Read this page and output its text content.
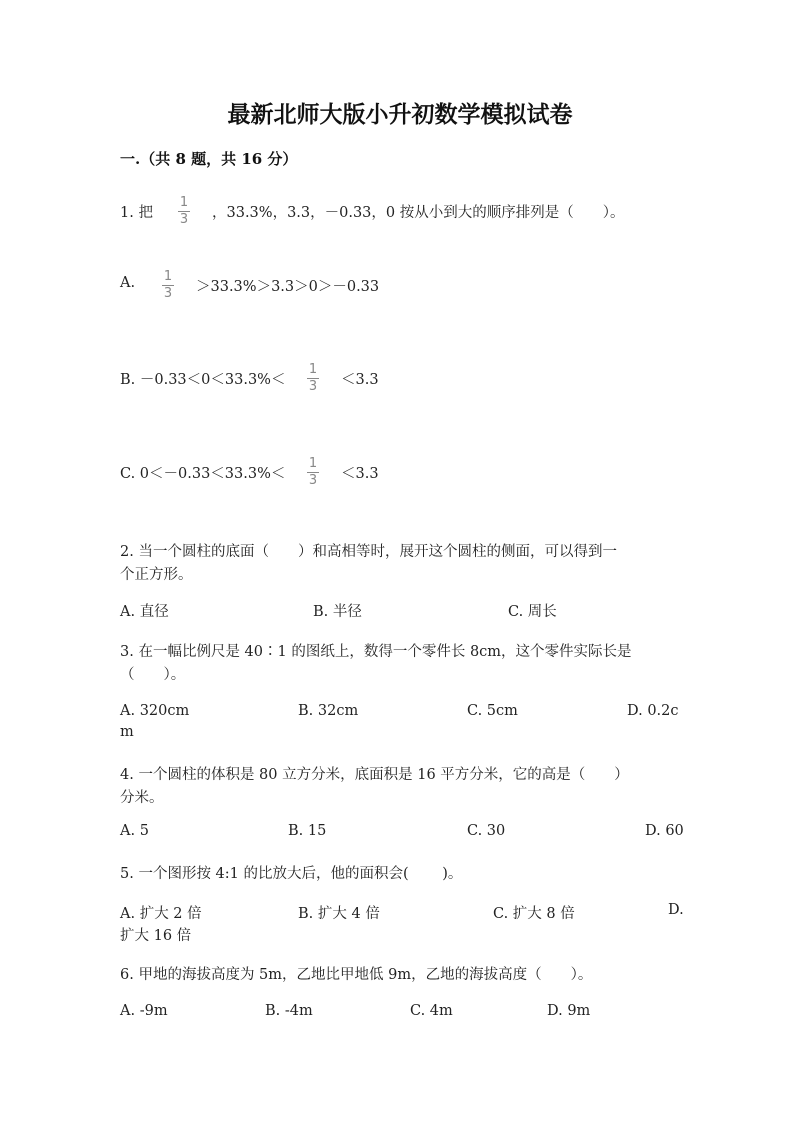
最新北师大版小升初数学模拟试卷
一.（共 8 题，共 16 分）
1. 把
1
3 ，33.3%，3.3，－0.33，0 按从小到大的顺序排列是（　　）。
A. 1
3 ＞33.3%＞3.3＞0＞－0.33
B. －0.33＜0＜33.3%＜
1
3 ＜3.3
C. 0＜－0.33＜33.3%＜
1
3 ＜3.3
2. 当一个圆柱的底面（　　）和高相等时，展开这个圆柱的侧面，可以得到一
个正方形。
A. 直径	B. 半径	C. 周长
3. 在一幅比例尺是 40∶1 的图纸上，数得一个零件长 8cm，这个零件实际长是
（　　）。
A. 320cm	B. 32cm	C. 5cm	D. 0.2c
m
4. 一个圆柱的体积是 80 立方分米，底面积是 16 平方分米，它的高是（　　）
分米。
A. 5	B. 15	C. 30	D. 60
5. 一个图形按 4:1 的比放大后，他的面积会(　　 )。
A. 扩大 2 倍	B. 扩大 4 倍	C. 扩大 8 倍	D.
扩大 16 倍
6. 甲地的海拔高度为 5m，乙地比甲地低 9m，乙地的海拔高度（　　）。
A. -9m	B. -4m	C. 4m	D. 9m
